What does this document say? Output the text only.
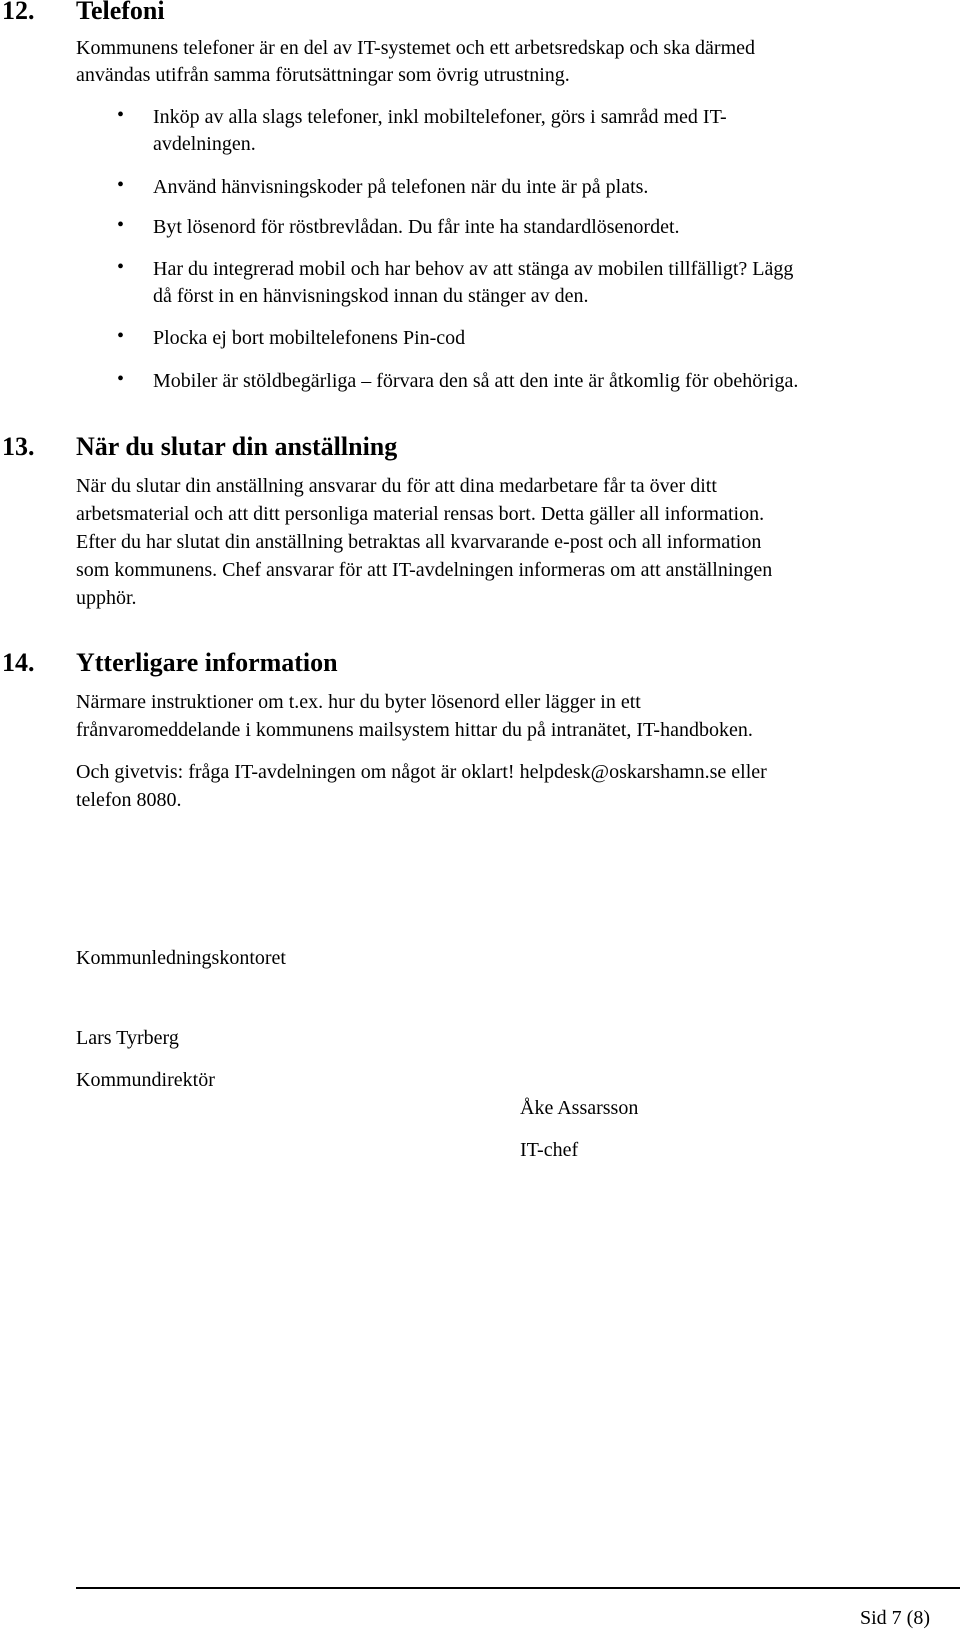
12. Telefoni
Kommunens telefoner är en del av IT-systemet och ett arbetsredskap och ska därmed
användas utifrån samma förutsättningar som övrig utrustning.
• Inköp av alla slags telefoner, inkl mobiltelefoner, görs i samråd med IT-
avdelningen.
• Använd hänvisningskoder på telefonen när du inte är på plats.
• Byt lösenord för röstbrevlådan. Du får inte ha standardlösenordet.
• Har du integrerad mobil och har behov av att stänga av mobilen tillfälligt? Lägg
då först in en hänvisningskod innan du stänger av den.
• Plocka ej bort mobiltelefonens Pin-cod
• Mobiler är stöldbegärliga – förvara den så att den inte är åtkomlig för obehöriga.
13. När du slutar din anställning
När du slutar din anställning ansvarar du för att dina medarbetare får ta över ditt
arbetsmaterial och att ditt personliga material rensas bort. Detta gäller all information.
Efter du har slutat din anställning betraktas all kvarvarande e-post och all information
som kommunens. Chef ansvarar för att IT-avdelningen informeras om att anställningen
upphör.
14. Ytterligare information
Närmare instruktioner om t.ex. hur du byter lösenord eller lägger in ett
frånvaromeddelande i kommunens mailsystem hittar du på intranätet, IT-handboken.
Och givetvis: fråga IT-avdelningen om något är oklart! helpdesk@oskarshamn.se eller
telefon 8080.
Kommunledningskontoret
Lars Tyrberg
Kommundirektör
Åke Assarsson
IT-chef
Sid 7 (8)
